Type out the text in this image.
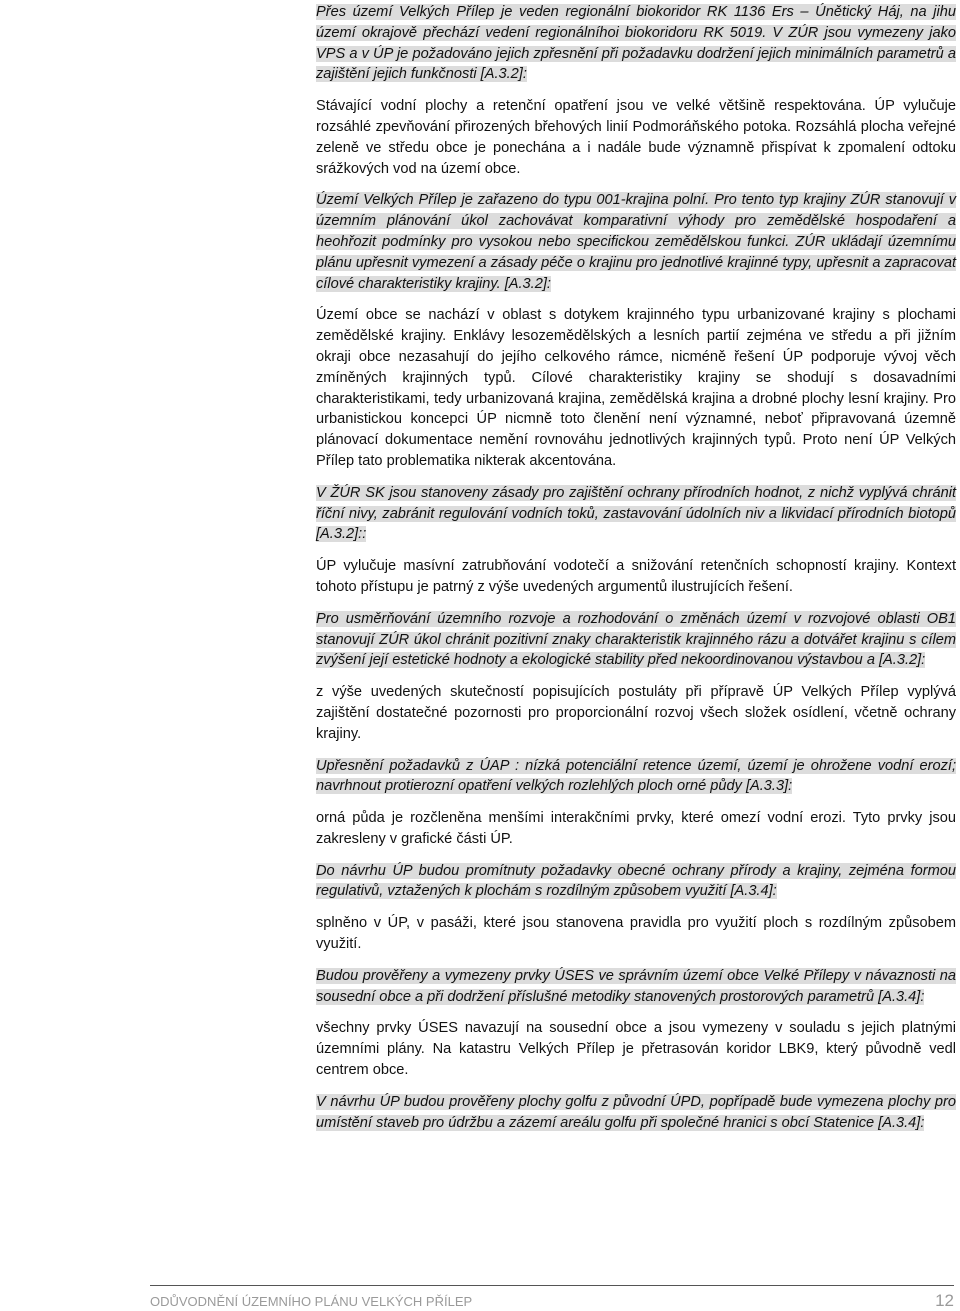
Přes území Velkých Přílep je veden regionální biokoridor RK 1136 Ers – Únětický Háj, na jihu území okrajově přechází vedení regionálníhoi biokoridoru RK 5019. V ZÚR jsou vymezeny jako VPS a v ÚP je požadováno jejich zpřesnění při požadavku dodržení jejich minimálních parametrů a zajištění jejich funkčnosti [A.3.2]:

Stávající vodní plochy a retenční opatření jsou ve velké většině respektována. ÚP vylučuje rozsáhlé zpevňování přirozených břehových linií Podmoráňského potoka. Rozsáhlá plocha veřejné zeleně ve středu obce je ponechána a i nadále bude významně přispívat k zpomalení odtoku srážkových vod na území obce.

Území Velkých Přílep je zařazeno do typu 001-krajina polní. Pro tento typ krajiny ZÚR stanovují v územním plánování úkol zachovávat komparativní výhody pro zemědělské hospodaření a heohřozit podmínky pro vysokou nebo specifickou zemědělskou funkci. ZÚR ukládají územnímu plánu upřesnit vymezení a zásady péče o krajinu pro jednotlivé krajinné typy, upřesnit a zapracovat cílové charakteristiky krajiny. [A.3.2]:

Území obce se nachází v oblast s dotykem krajinného typu urbanizované krajiny s plochami zemědělské krajiny. Enklávy lesozemědělských a lesních partií zejména ve středu a při jižním okraji obce nezasahují do jejího celkového rámce, nicméně řešení ÚP podporuje vývoj věch zmíněných krajinných typů. Cílové charakteristiky krajiny se shodují s dosavadními charakteristikami, tedy urbanizovaná krajina, zemědělská krajina a drobné plochy lesní krajiny. Pro urbanistickou koncepci ÚP nicmně toto členění není významné, neboť připravovaná územně plánovací dokumentace nemění rovnováhu jednotlivých krajinných typů. Proto není ÚP Velkých Přílep tato problematika nikterak akcentována.

V ŽÚR SK jsou stanoveny zásady pro zajištění ochrany přírodních hodnot, z nichž vyplývá chránit říční nivy, zabránit regulování vodních toků, zastavování údolních niv a likvidací přírodních biotopů [A.3.2]::

ÚP vylučuje masívní zatrubňování vodotečí a snižování retenčních schopností krajiny. Kontext tohoto přístupu je patrný z výše uvedených argumentů ilustrujících řešení.

Pro usměrňování územního rozvoje a rozhodování o změnách území v rozvojové oblasti OB1 stanovují ZÚR úkol chránit pozitivní znaky charakteristik krajinného rázu a dotvářet krajinu s cílem zvýšení její estetické hodnoty a ekologické stability před nekoordinovanou výstavbou a [A.3.2]:

z výše uvedených skutečností popisujících postuláty při přípravě ÚP Velkých Přílep vyplývá zajištění dostatečné pozornosti pro proporcionální rozvoj všech složek osídlení, včetně ochrany krajiny.

Upřesnění požadavků z ÚAP : nízká potenciální retence území, území je ohrožene vodní erozí; navrhnout protierozní opatření velkých rozlehlých ploch orné půdy [A.3.3]:

orná půda je rozčleněna menšími interakčními prvky, které omezí vodní erozi. Tyto prvky jsou zakresleny v grafické části ÚP.

Do návrhu ÚP budou promítnuty požadavky obecné ochrany přírody a krajiny, zejména formou regulativů, vztažených k plochám s rozdílným způsobem využití [A.3.4]:

splněno v ÚP, v pasáži, které jsou stanovena pravidla pro využití ploch s rozdílným způsobem využití.

Budou prověřeny a vymezeny prvky ÚSES ve správním území obce Velké Přílepy v návaznosti na sousední obce a při dodržení příslušné metodiky stanovených prostorových parametrů [A.3.4]:

všechny prvky ÚSES navazují na sousední obce a jsou vymezeny v souladu s jejich platnými územními plány. Na katastru Velkých Přílep je přetrasován koridor LBK9, který původně vedl centrem obce.

V návrhu ÚP budou prověřeny plochy golfu z původní ÚPD, popřípadě bude vymezena plochy pro umístění staveb pro údržbu a zázemí areálu golfu při společné hranici s obcí Statenice [A.3.4]:

ODŮVODNĚNÍ ÚZEMNÍHO PLÁNU VELKÝCH PŘÍLEP	12
